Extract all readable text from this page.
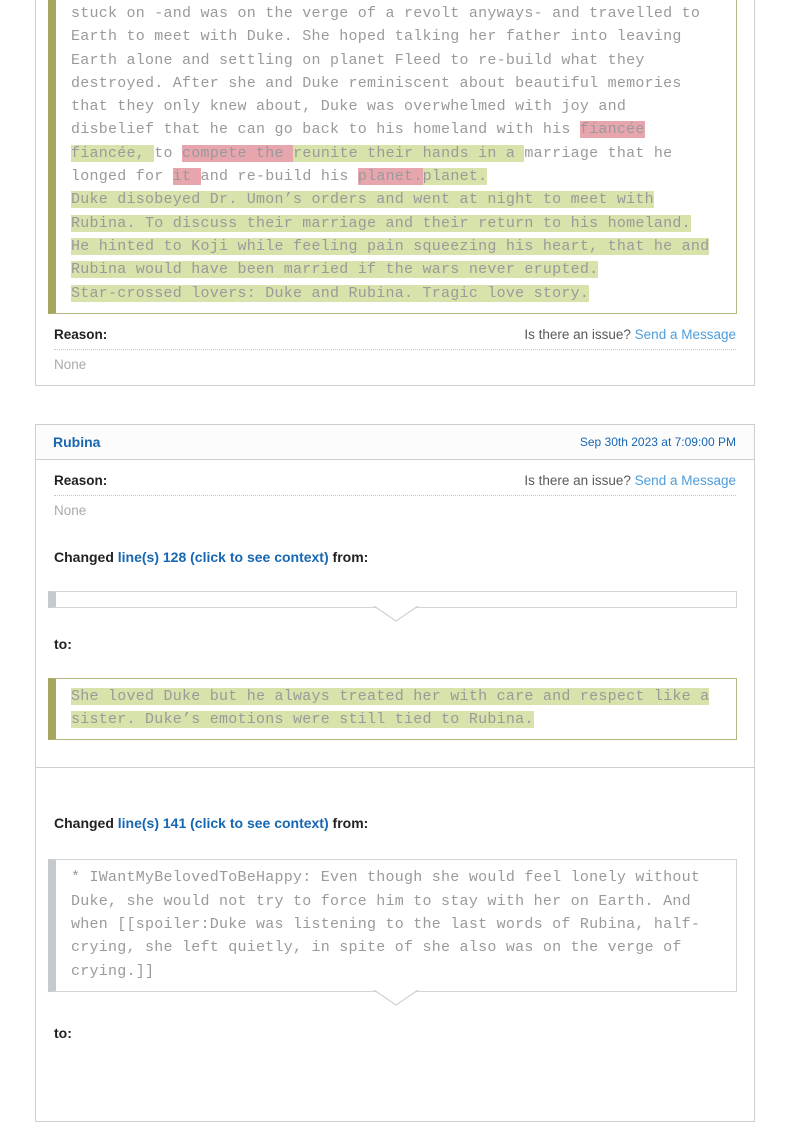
stuck on -and was on the verge of a revolt anyways- and travelled to
Earth to meet with Duke. She hoped talking her father into leaving
Earth alone and settling on planet Fleed to re-build what they
destroyed. After she and Duke reminiscent about beautiful memories
that they only knew about, Duke was overwhelmed with joy and
disbelief that he can go back to his homeland with his fiancée
fiancée, to compete the reunite their hands in a marriage that he
longed for it and re-build his planet.planet.
Duke disobeyed Dr. Umon’s orders and went at night to meet with
Rubina. To discuss their marriage and their return to his homeland.
He hinted to Koji while feeling pain squeezing his heart, that he and
Rubina would have been married if the wars never erupted.
Star-crossed lovers: Duke and Rubina. Tragic love story.
Reason:	Is there an issue? Send a Message
None
Rubina	Sep 30th 2023 at 7:09:00 PM
Reason:	Is there an issue? Send a Message
None
Changed line(s) 128 (click to see context) from:
to:
She loved Duke but he always treated her with care and respect like a
sister. Duke’s emotions were still tied to Rubina.
Changed line(s) 141 (click to see context) from:
* IWantMyBelovedToBeHappy: Even though she would feel lonely without
Duke, she would not try to force him to stay with her on Earth. And
when [[spoiler:Duke was listening to the last words of Rubina, half-
crying, she left quietly, in spite of she also was on the verge of
crying.]]
to:
